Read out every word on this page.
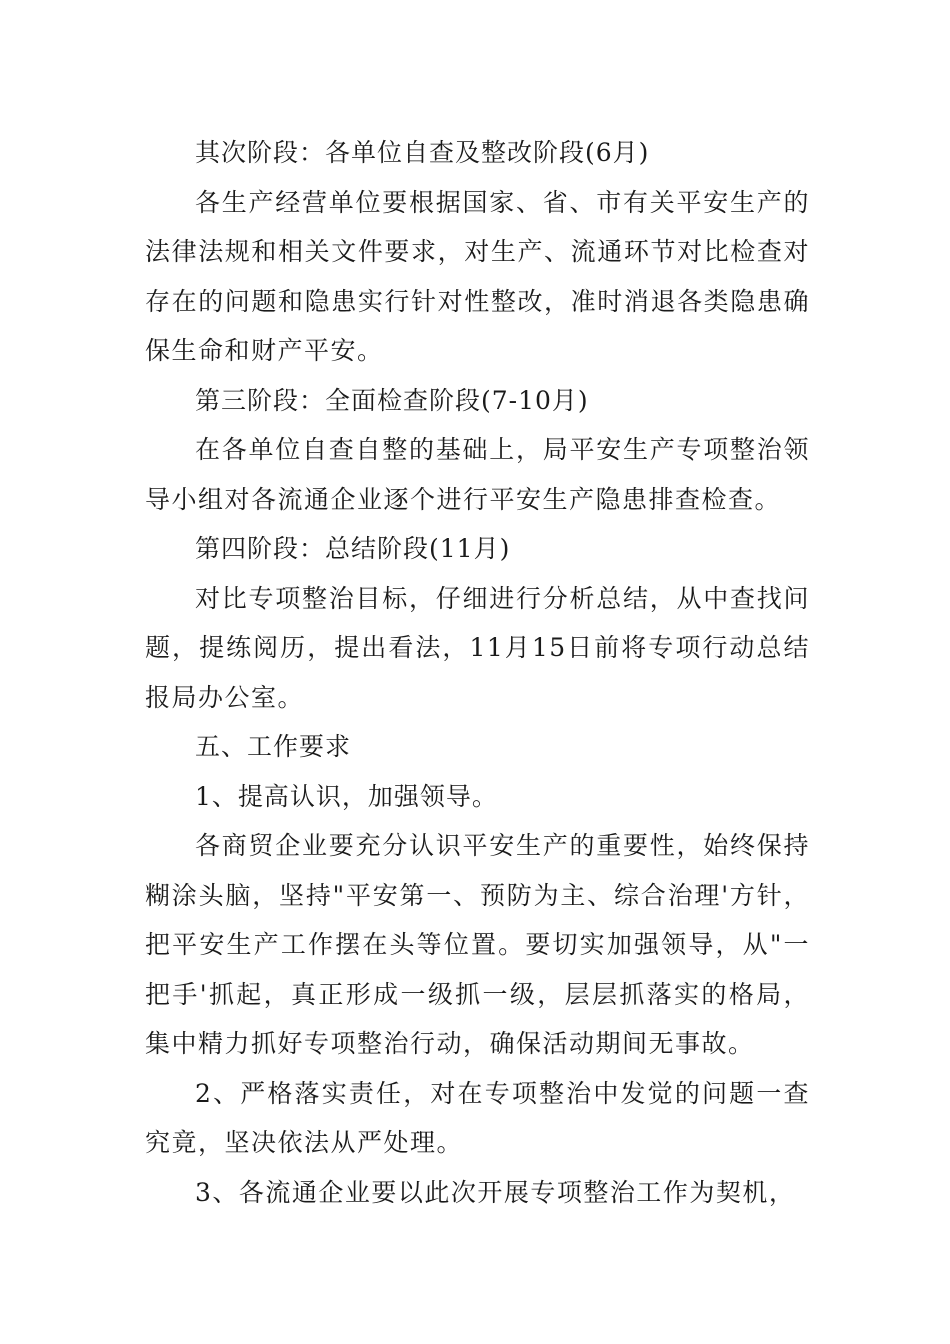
其次阶段：各单位自查及整改阶段(6月)

各生产经营单位要根据国家、省、市有关平安生产的法律法规和相关文件要求，对生产、流通环节对比检查对存在的问题和隐患实行针对性整改，准时消退各类隐患确保生命和财产平安。

第三阶段：全面检查阶段(7-10月)

在各单位自查自整的基础上，局平安生产专项整治领导小组对各流通企业逐个进行平安生产隐患排查检查。

第四阶段：总结阶段(11月)

对比专项整治目标，仔细进行分析总结，从中查找问题，提练阅历，提出看法，11月15日前将专项行动总结报局办公室。

五、工作要求

1、提高认识，加强领导。

各商贸企业要充分认识平安生产的重要性，始终保持糊涂头脑，坚持"平安第一、预防为主、综合治理'方针，把平安生产工作摆在头等位置。要切实加强领导，从"一把手'抓起，真正形成一级抓一级，层层抓落实的格局，集中精力抓好专项整治行动，确保活动期间无事故。

2、严格落实责任，对在专项整治中发觉的问题一查究竟，坚决依法从严处理。

3、各流通企业要以此次开展专项整治工作为契机，
